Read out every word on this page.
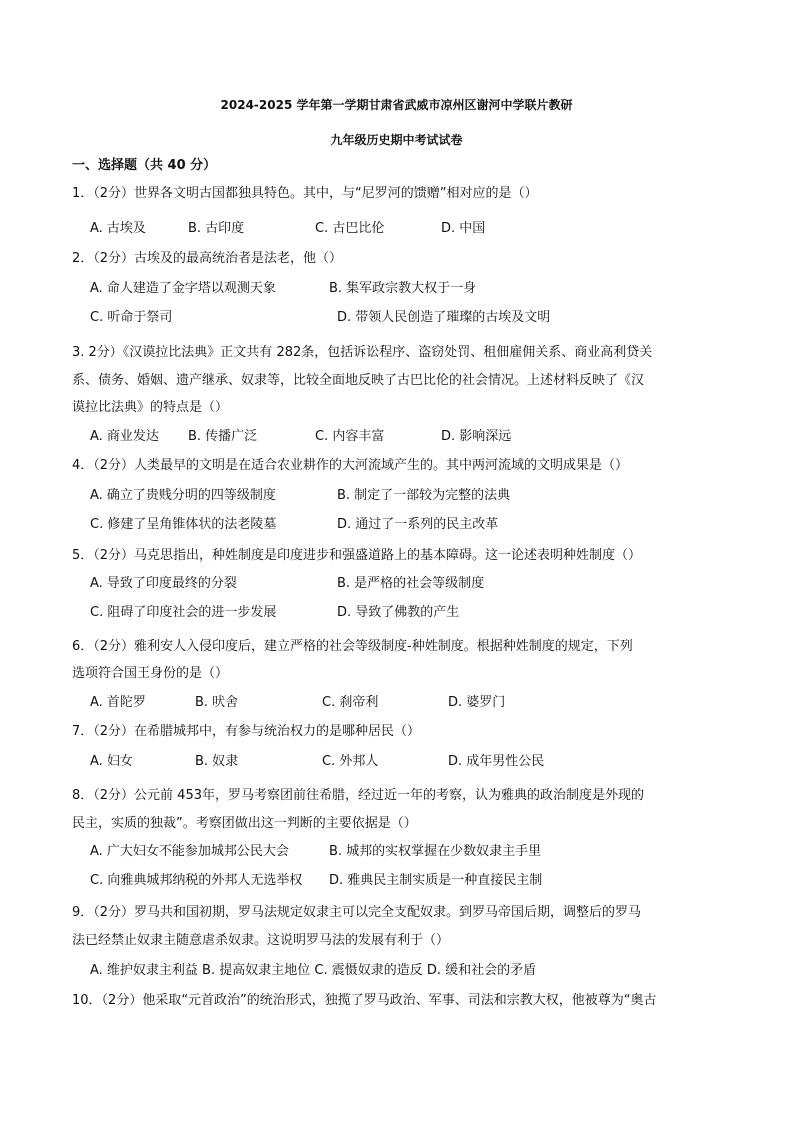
2024-2025 学年第一学期甘肃省武威市凉州区谢河中学联片教研
九年级历史期中考试试卷
一、选择题（共 40 分）
1．（2分）世界各文明古国都独具特色。其中，与“尼罗河的馈赠”相对应的是（）
A. 古埃及	B. 古印度	C. 古巴比伦	D. 中国
2．（2分）古埃及的最高统治者是法老，他（）
A. 命人建造了金字塔以观测天象	B. 集军政宗教大权于一身
C. 听命于祭司	D. 带领人民创造了璀璨的古埃及文明
3. 2分）《汉谟拉比法典》正文共有 282条，包括诉讼程序、盗窃处罚、租佃雇佣关系、商业高利贷关
系、债务、婚姻、遗产继承、奴隶等，比较全面地反映了古巴比伦的社会情况。上述材料反映了《汉
谟拉比法典》的特点是（）
A. 商业发达 B. 传播广泛	C. 内容丰富	D. 影响深远
4．（2分）人类最早的文明是在适合农业耕作的大河流域产生的。其中两河流域的文明成果是（）
A. 确立了贵贱分明的四等级制度	B. 制定了一部较为完整的法典
C. 修建了呈角锥体状的法老陵墓	D. 通过了一系列的民主改革
5．（2分）马克思指出，种姓制度是印度进步和强盛道路上的基本障碍。这一论述表明种姓制度（）
A. 导致了印度最终的分裂	B. 是严格的社会等级制度
C. 阻碍了印度社会的进一步发展	D. 导致了佛教的产生
6．（2分）雅利安人入侵印度后，建立严格的社会等级制度-种姓制度。根据种姓制度的规定，下列
选项符合国王身份的是（）
A. 首陀罗	B. 吠舍	C. 刹帝利	D. 婆罗门
7．（2分）在希腊城邦中，有参与统治权力的是哪种居民（）
A. 妇女	B. 奴隶	C. 外邦人	D. 成年男性公民
8．（2分）公元前 453年，罗马考察团前往希腊，经过近一年的考察，认为雅典的政治制度是外现的
民主，实质的独裁”。考察团做出这一判断的主要依据是（）
A. 广大妇女不能参加城邦公民大会	B. 城邦的实权掌握在少数奴隶主手里
C. 向雅典城邦纳税的外邦人无选举权 D. 雅典民主制实质是一种直接民主制
9．（2分）罗马共和国初期，罗马法规定奴隶主可以完全支配奴隶。到罗马帝国后期，调整后的罗马
法已经禁止奴隶主随意虐杀奴隶。这说明罗马法的发展有利于（）
A. 维护奴隶主利益 B. 提高奴隶主地位 C. 震慑奴隶的造反 D. 缓和社会的矛盾
10．（2分）他采取“元首政治”的统治形式，独揽了罗马政治、军事、司法和宗教大权，他被尊为“奥古
